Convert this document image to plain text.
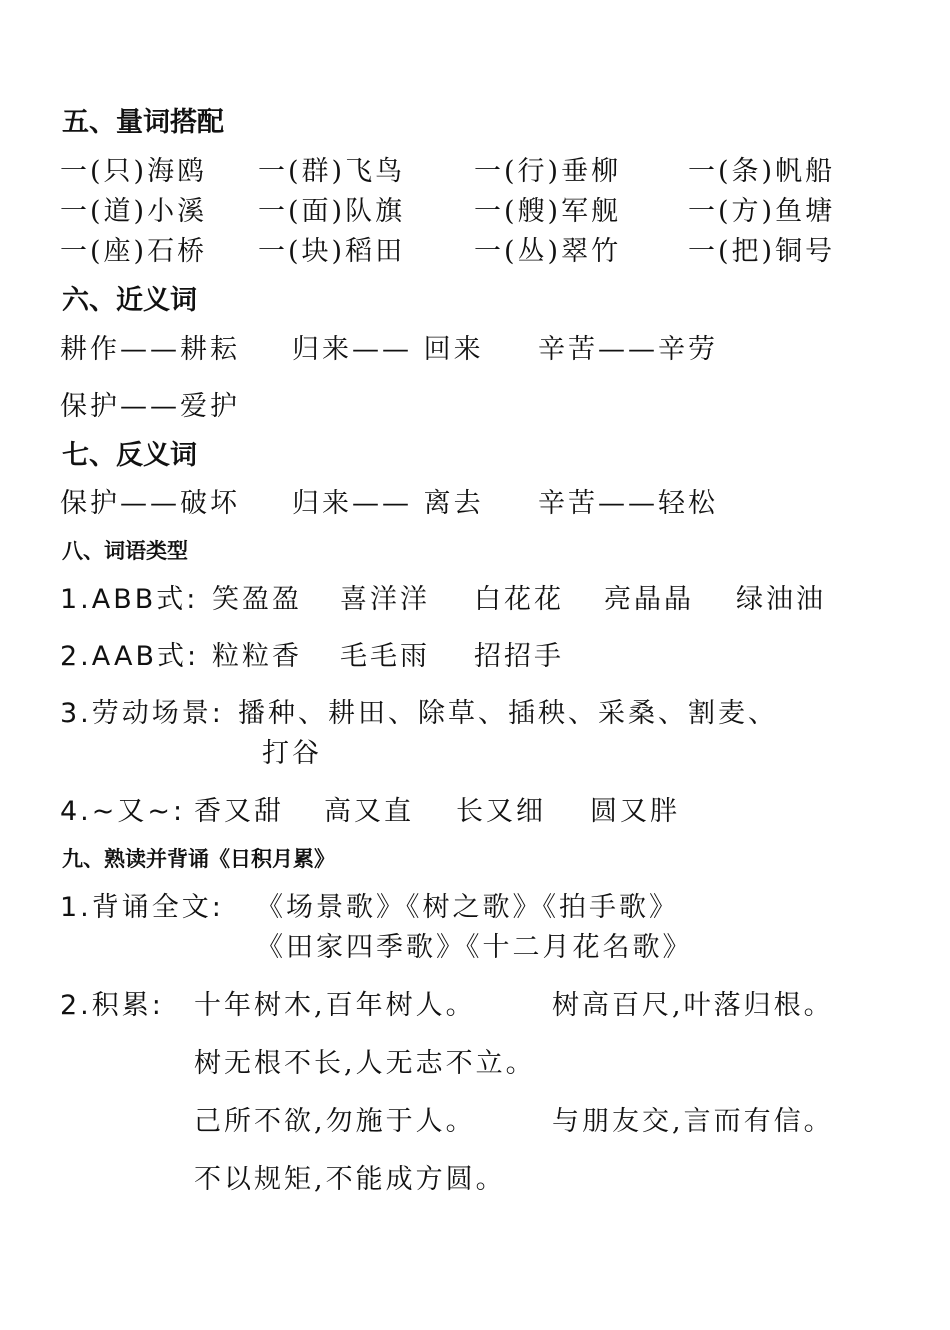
五、量词搭配
一(只)海鸥 一(群)飞鸟	一(行)垂柳 一(条)帆船
一(道)小溪 一(面)队旗	一(艘)军舰 一(方)鱼塘
一(座)石桥 一(块)稻田	一(丛)翠竹 一(把)铜号
六、近义词
耕作——耕耘 归来—— 回来 辛苦——辛劳
保护——爱护
七、反义词
保护——破坏 归来—— 离去 辛苦——轻松
八、词语类型
1.ABB式: 笑盈盈 喜洋洋 白花花 亮晶晶 绿油油
2.AAB式: 粒粒香 毛毛雨 招招手
3.劳动场景: 播种、耕田、除草、插秧、采桑、割麦、
打谷
4.~又~: 香又甜 高又直 长又细 圆又胖
九、熟读并背诵《日积月累》
1.背诵全文: 《场景歌》《树之歌》《拍手歌》
《田家四季歌》《十二月花名歌》
2.积累: 十年树木,百年树人。	树高百尺,叶落归根。
树无根不长,人无志不立。
己所不欲,勿施于人。	与朋友交,言而有信。
不以规矩,不能成方圆。
